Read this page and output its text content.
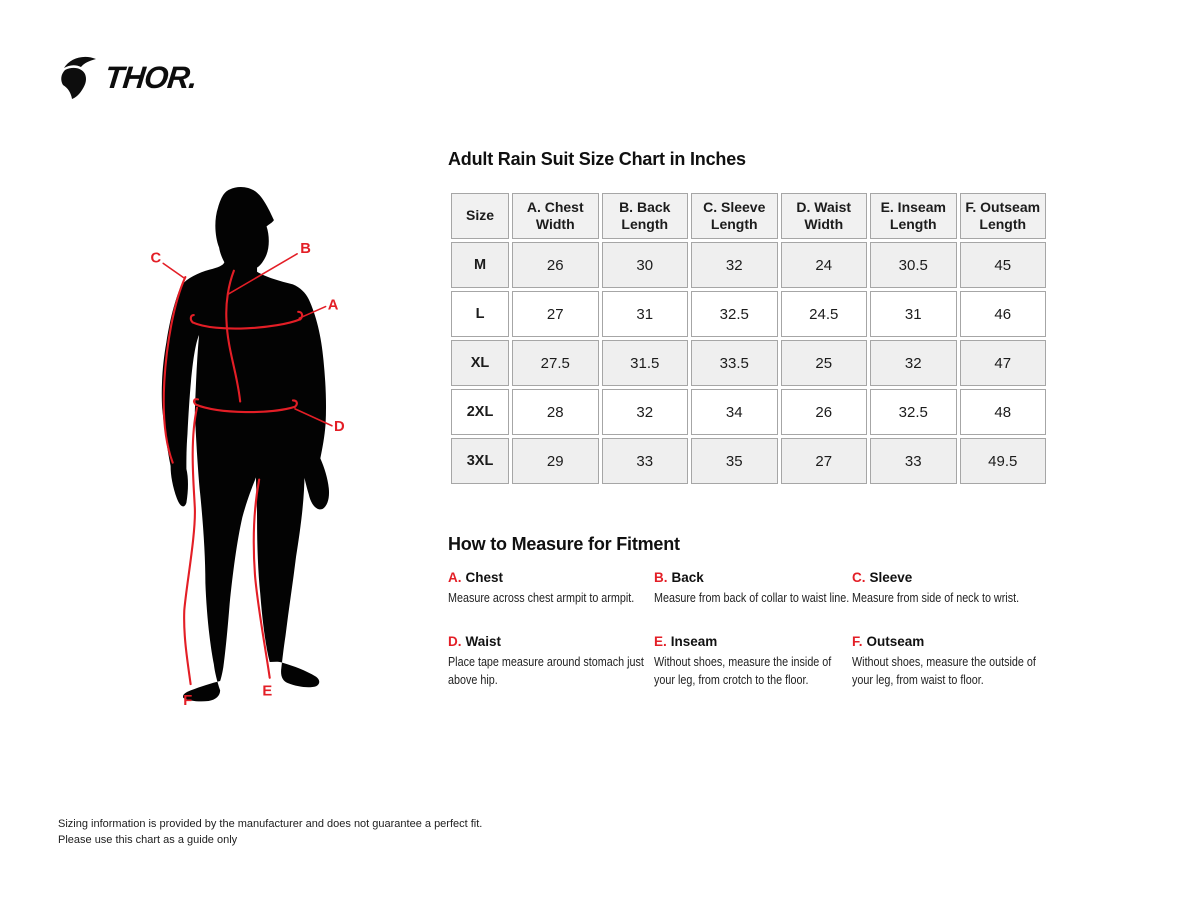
THOR.
C
B
A
D
F
E
Adult Rain Suit Size Chart in Inches
Size	A. Chest Width	B. Back Length	C. Sleeve Length	D. Waist Width	E. Inseam Length	F. Outseam Length
M	26	30	32	24	30.5	45
L	27	31	32.5	24.5	31	46
XL	27.5	31.5	33.5	25	32	47
2XL	28	32	34	26	32.5	48
3XL	29	33	35	27	33	49.5
How to Measure for Fitment
A. Chest
Measure across chest armpit to armpit.
B. Back
Measure from back of collar to waist line.
C. Sleeve
Measure from side of neck to wrist.
D. Waist
Place tape measure around stomach just above hip.
E. Inseam
Without shoes, measure the inside of your leg, from crotch to the floor.
F. Outseam
Without shoes, measure the outside of your leg, from waist to floor.
Sizing information is provided by the manufacturer and does not guarantee a perfect fit.
Please use this chart as a guide only
